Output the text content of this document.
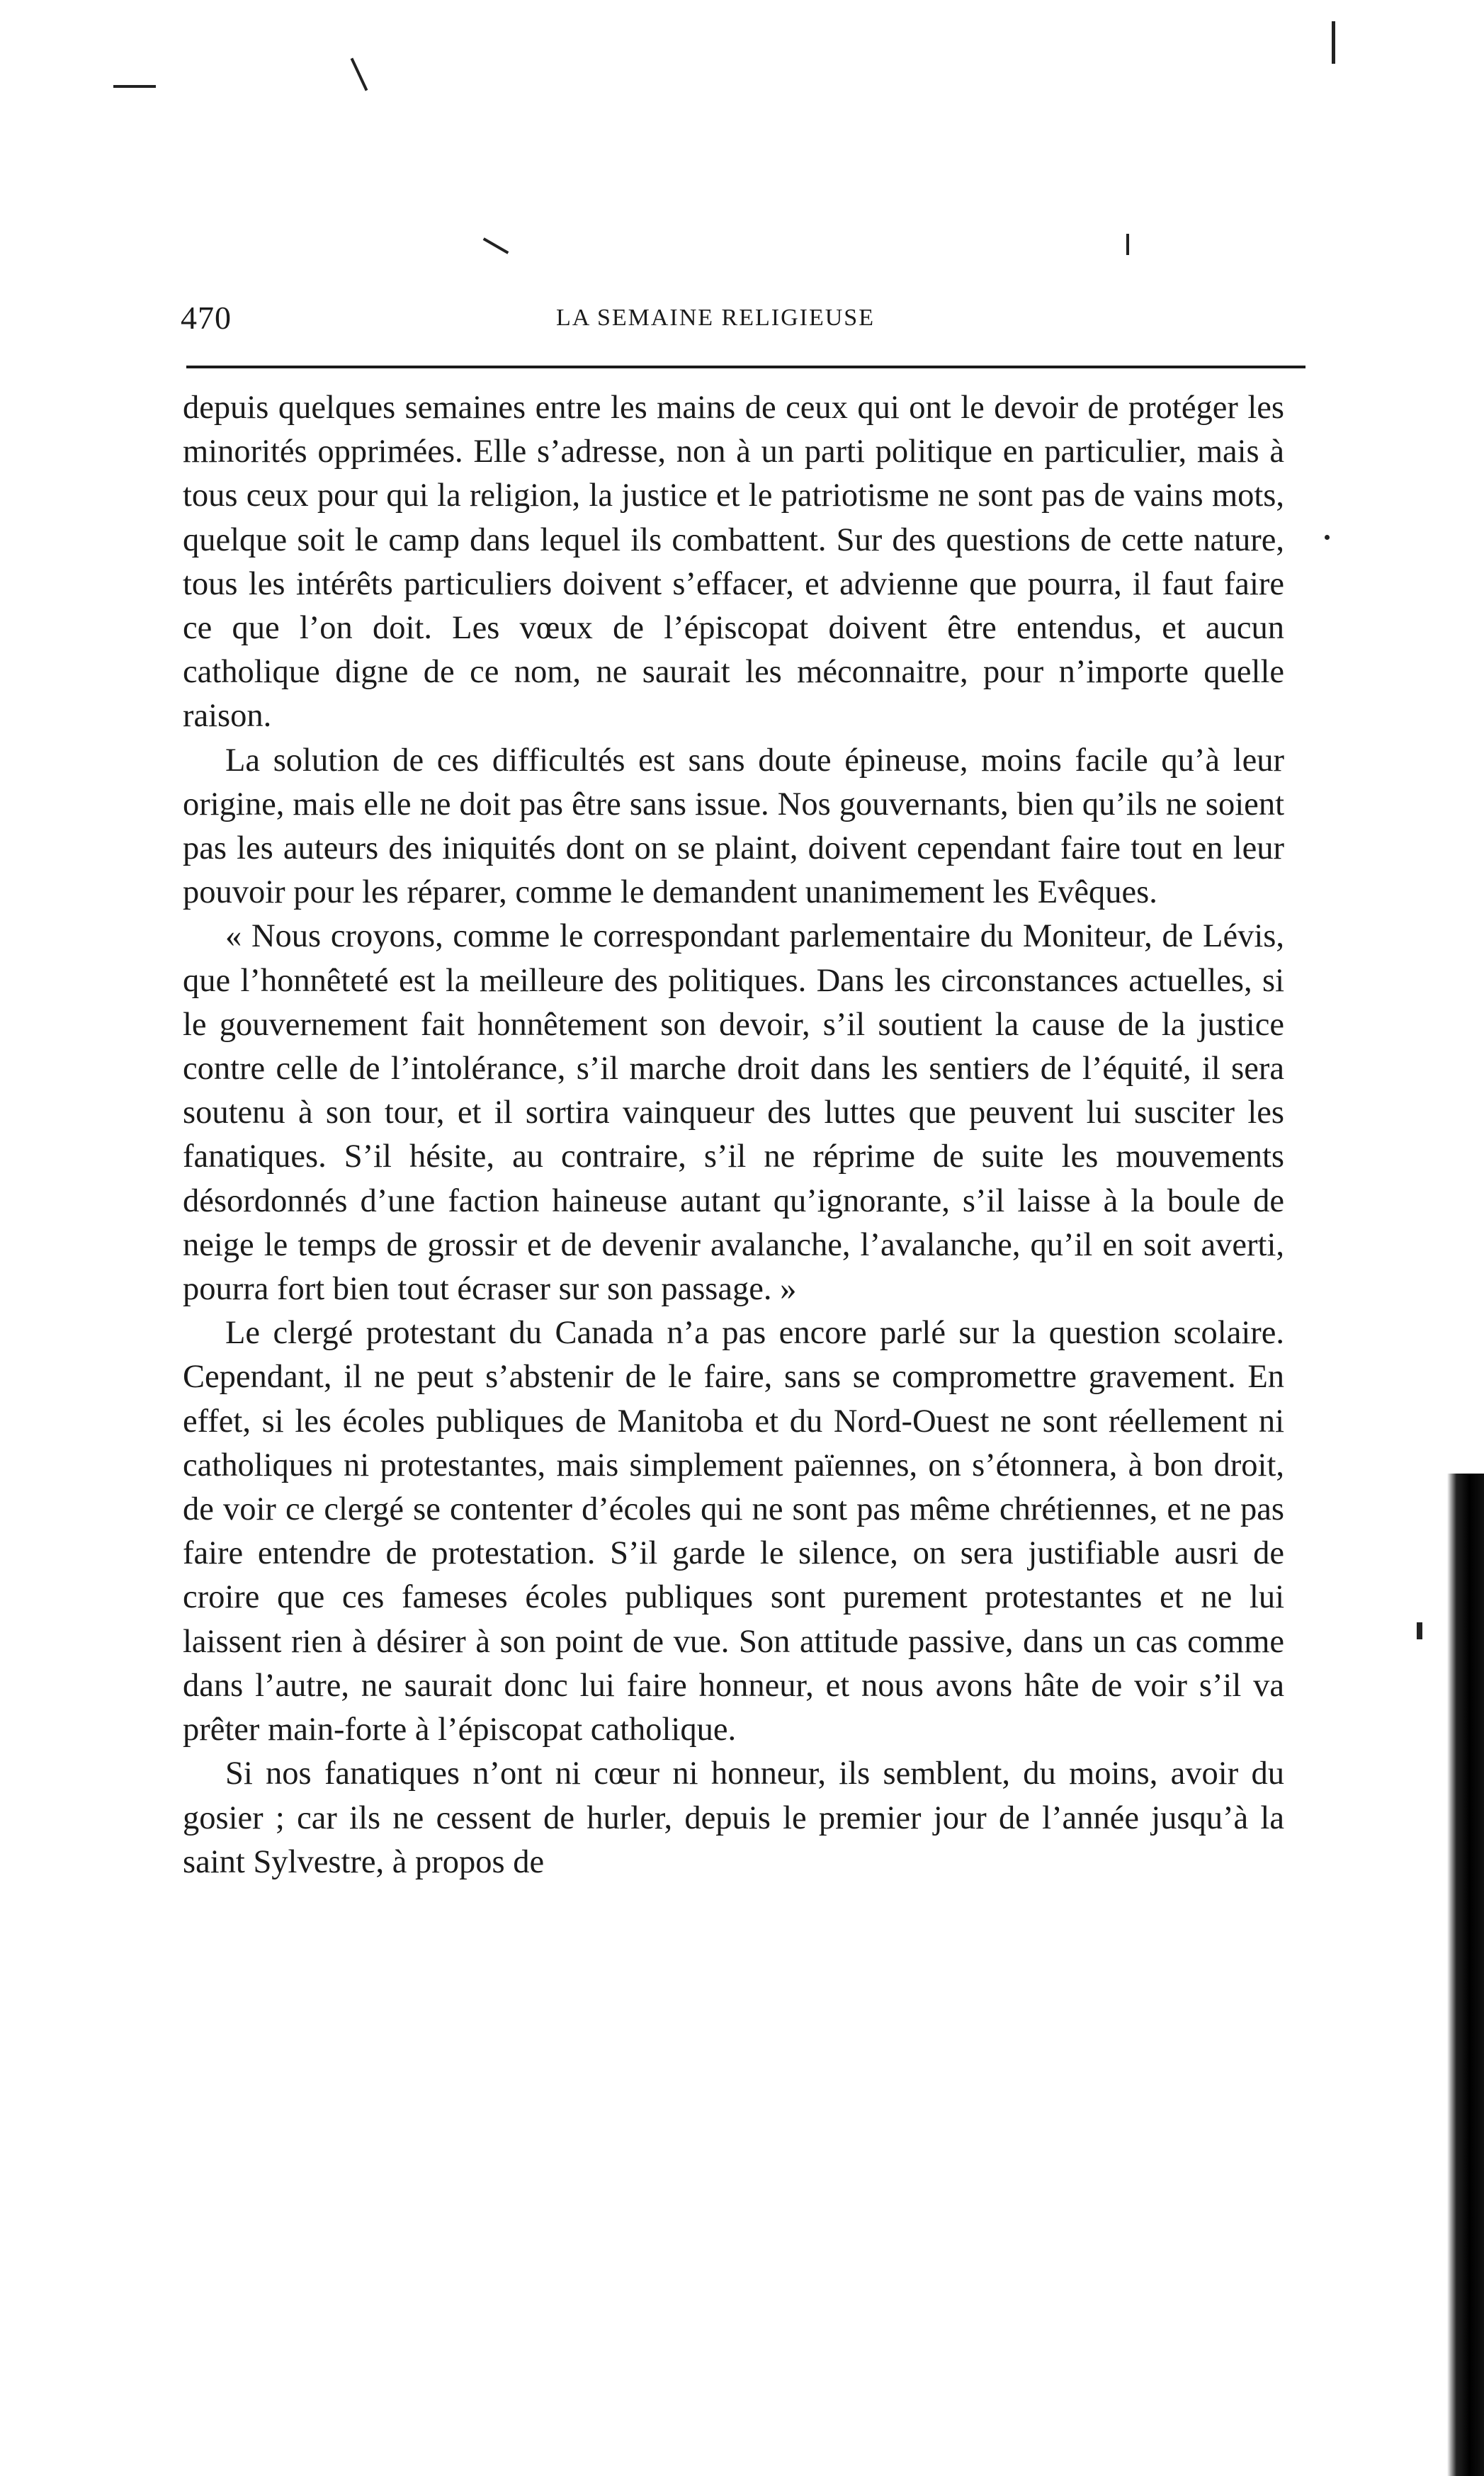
470	LA SEMAINE RELIGIEUSE

depuis quelques semaines entre les mains de ceux qui ont le devoir de protéger les minorités opprimées. Elle s’adresse, non à un parti politique en particulier, mais à tous ceux pour qui la religion, la justice et le patriotisme ne sont pas de vains mots, quelque soit le camp dans lequel ils combattent. Sur des questions de cette nature, tous les intérêts particuliers doivent s’effacer, et advienne que pourra, il faut faire ce que l’on doit. Les vœux de l’épiscopat doivent être entendus, et aucun catholique digne de ce nom, ne saurait les méconnaitre, pour n’importe quelle raison.

La solution de ces difficultés est sans doute épineuse, moins facile qu’à leur origine, mais elle ne doit pas être sans issue. Nos gouvernants, bien qu’ils ne soient pas les auteurs des iniquités dont on se plaint, doivent cependant faire tout en leur pouvoir pour les réparer, comme le demandent unanimement les Evêques.

« Nous croyons, comme le correspondant parlementaire du Moniteur, de Lévis, que l’honnêteté est la meilleure des politiques. Dans les circonstances actuelles, si le gouvernement fait honnêtement son devoir, s’il soutient la cause de la justice contre celle de l’intolérance, s’il marche droit dans les sentiers de l’équité, il sera soutenu à son tour, et il sortira vainqueur des luttes que peuvent lui susciter les fanatiques. S’il hésite, au contraire, s’il ne réprime de suite les mouvements désordonnés d’une faction haineuse autant qu’ignorante, s’il laisse à la boule de neige le temps de grossir et de devenir avalanche, l’avalanche, qu’il en soit averti, pourra fort bien tout écraser sur son passage. »

Le clergé protestant du Canada n’a pas encore parlé sur la question scolaire. Cependant, il ne peut s’abstenir de le faire, sans se compromettre gravement. En effet, si les écoles publiques de Manitoba et du Nord-Ouest ne sont réellement ni catholiques ni protestantes, mais simplement païennes, on s’étonnera, à bon droit, de voir ce clergé se contenter d’écoles qui ne sont pas même chrétiennes, et ne pas faire entendre de protestation. S’il garde le silence, on sera justifiable ausri de croire que ces fameses écoles publiques sont purement protestantes et ne lui laissent rien à désirer à son point de vue. Son attitude passive, dans un cas comme dans l’autre, ne saurait donc lui faire honneur, et nous avons hâte de voir s’il va prêter main-forte à l’épiscopat catholique.

Si nos fanatiques n’ont ni cœur ni honneur, ils semblent, du moins, avoir du gosier ; car ils ne cessent de hurler, depuis le premier jour de l’année jusqu’à la saint Sylvestre, à propos de
